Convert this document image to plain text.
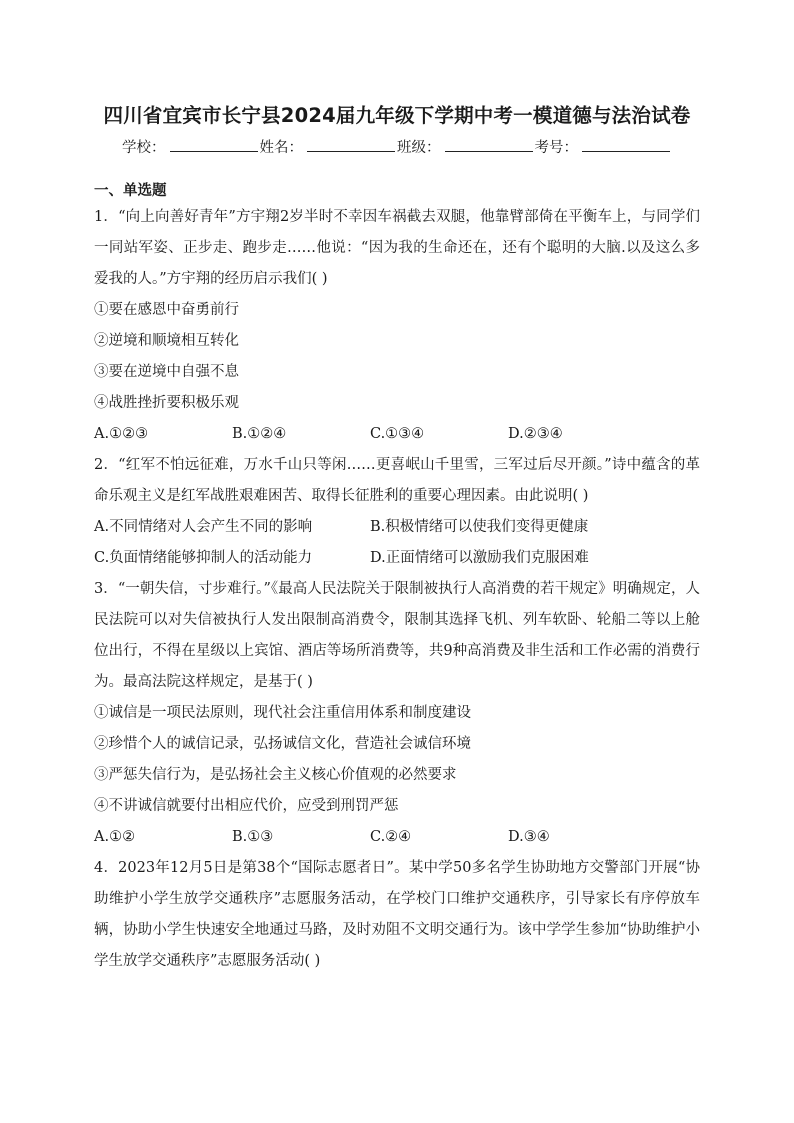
四川省宜宾市长宁县2024届九年级下学期中考一模道德与法治试卷
学校：	姓名：	班级：	考号：

一、单选题

1．“向上向善好青年”方宇翔2岁半时不幸因车祸截去双腿，他靠臂部倚在平衡车上，与同学们一同站军姿、正步走、跑步走……他说：“因为我的生命还在，还有个聪明的大脑.以及这么多爱我的人。”方宇翔的经历启示我们( )

①要在感恩中奋勇前行

②逆境和顺境相互转化

③要在逆境中自强不息

④战胜挫折要积极乐观

A.①②③	B.①②④	C.①③④	D.②③④

2．“红军不怕远征难，万水千山只等闲……更喜岷山千里雪，三军过后尽开颜。”诗中蕴含的革命乐观主义是红军战胜艰难困苦、取得长征胜利的重要心理因素。由此说明( )

A.不同情绪对人会产生不同的影响	B.积极情绪可以使我们变得更健康
C.负面情绪能够抑制人的活动能力	D.正面情绪可以激励我们克服困难

3．“一朝失信，寸步难行。”《最高人民法院关于限制被执行人高消费的若干规定》明确规定，人民法院可以对失信被执行人发出限制高消费令，限制其选择飞机、列车软卧、轮船二等以上舱位出行，不得在星级以上宾馆、酒店等场所消费等，共9种高消费及非生活和工作必需的消费行为。最高法院这样规定，是基于( )

①诚信是一项民法原则，现代社会注重信用体系和制度建设

②珍惜个人的诚信记录，弘扬诚信文化，营造社会诚信环境

③严惩失信行为，是弘扬社会主义核心价值观的必然要求

④不讲诚信就要付出相应代价，应受到刑罚严惩

A.①②	B.①③	C.②④	D.③④

4．2023年12月5日是第38个“国际志愿者日”。某中学50多名学生协助地方交警部门开展“协助维护小学生放学交通秩序”志愿服务活动，在学校门口维护交通秩序，引导家长有序停放车辆，协助小学生快速安全地通过马路，及时劝阻不文明交通行为。该中学学生参加“协助维护小学生放学交通秩序”志愿服务活动( )
